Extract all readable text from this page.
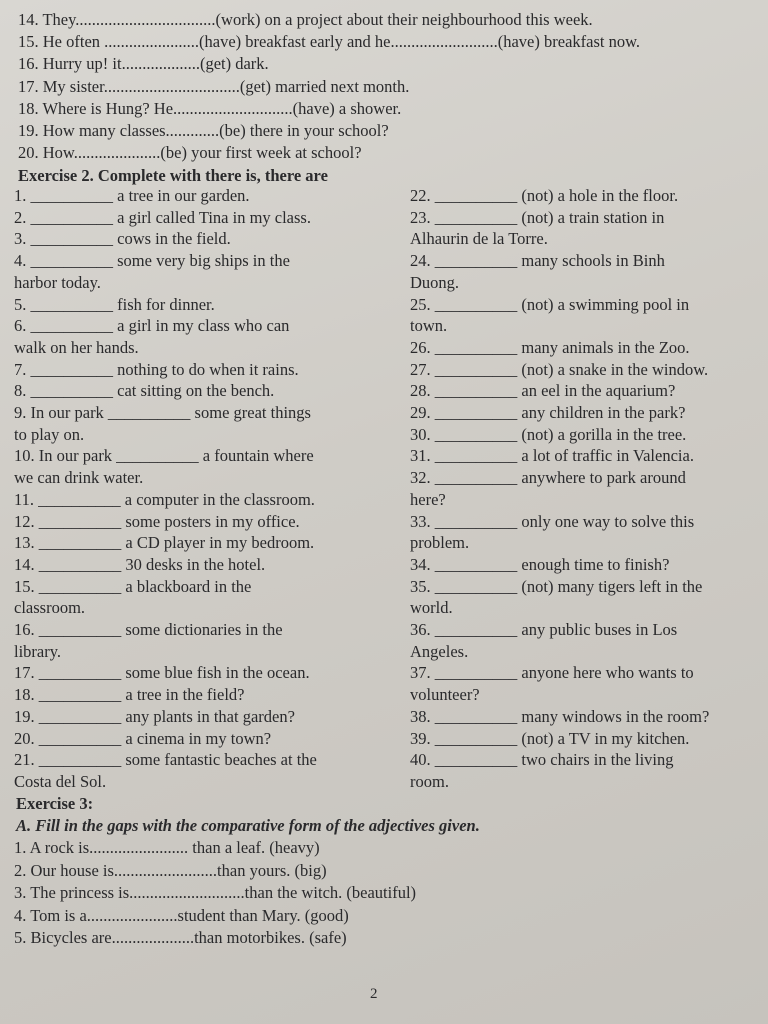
14. They..................................(work) on a project about their neighbourhood this week.
15. He often .......................(have) breakfast early and he..........................(have) breakfast now.
16. Hurry up! it...................(get) dark.
17. My sister.................................(get) married next month.
18. Where is Hung? He.............................(have) a shower.
19. How many classes.............(be) there in your school?
20. How.....................(be) your first week at school?
Exercise 2. Complete with there is, there are
1. __________ a tree in our garden.
2. __________ a girl called Tina in my class.
3. __________ cows in the field.
4. __________ some very big ships in the
harbor today.
5. __________ fish for dinner.
6. __________ a girl in my class who can
walk on her hands.
7. __________ nothing to do when it rains.
8. __________ cat sitting on the bench.
9. In our park __________ some great things
to play on.
10. In our park __________ a fountain where
we can drink water.
11. __________ a computer in the classroom.
12. __________ some posters in my office.
13. __________ a CD player in my bedroom.
14. __________ 30 desks in the hotel.
15. __________ a blackboard in the
classroom.
16. __________ some dictionaries in the
library.
17. __________ some blue fish in the ocean.
18. __________ a tree in the field?
19. __________ any plants in that garden?
20. __________ a cinema in my town?
21. __________ some fantastic beaches at the
Costa del Sol.
22. __________ (not) a hole in the floor.
23. __________ (not) a train station in
Alhaurin de la Torre.
24. __________ many schools in Binh
Duong.
25. __________ (not) a swimming pool in
town.
26. __________ many animals in the Zoo.
27. __________ (not) a snake in the window.
28. __________ an eel in the aquarium?
29. __________ any children in the park?
30. __________ (not) a gorilla in the tree.
31. __________ a lot of traffic in Valencia.
32. __________ anywhere to park around
here?
33. __________ only one way to solve this
problem.
34. __________ enough time to finish?
35. __________ (not) many tigers left in the
world.
36. __________ any public buses in Los
Angeles.
37. __________ anyone here who wants to
volunteer?
38. __________ many windows in the room?
39. __________ (not) a TV in my kitchen.
40. __________ two chairs in the living
room.
Exercise 3:
A. Fill in the gaps with the comparative form of the adjectives given.
1. A rock is........................ than a leaf. (heavy)
2. Our house is.........................than yours. (big)
3. The princess is............................than the witch. (beautiful)
4. Tom is a......................student than Mary. (good)
5. Bicycles are....................than motorbikes. (safe)
2
